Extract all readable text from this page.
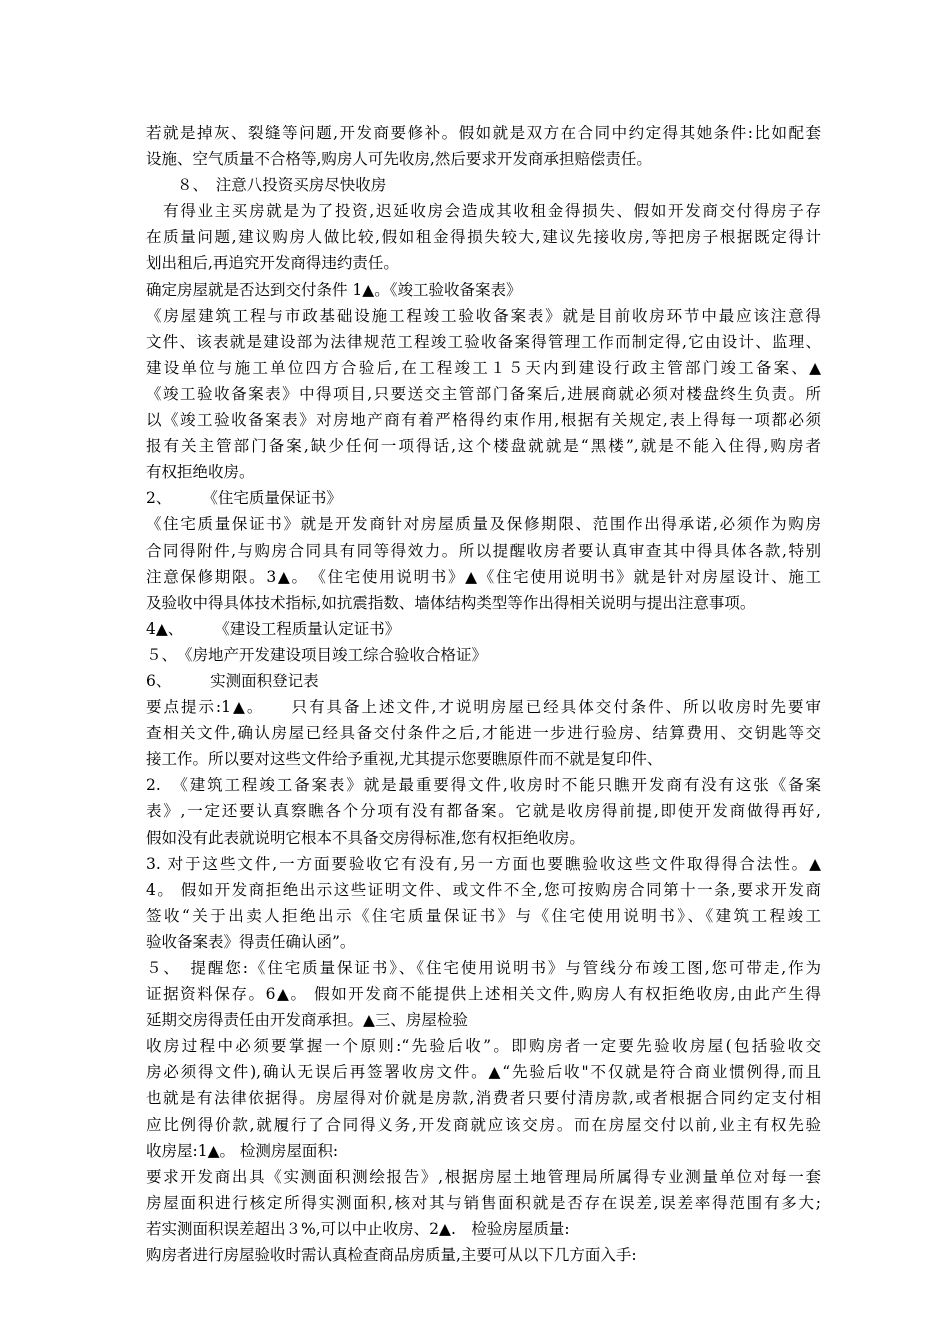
若就是掉灰、裂缝等问题,开发商要修补。假如就是双方在合同中约定得其她条件:比如配套
设施、空气质量不合格等,购房人可先收房,然后要求开发商承担赔偿责任。
　　８、　注意八投资买房尽快收房
　有得业主买房就是为了投资,迟延收房会造成其收租金得损失、假如开发商交付得房子存
在质量问题,建议购房人做比较,假如租金得损失较大,建议先接收房,等把房子根据既定得计
划出租后,再追究开发商得违约责任。
确定房屋就是否达到交付条件 1▲。《竣工验收备案表》
《房屋建筑工程与市政基础设施工程竣工验收备案表》就是目前收房环节中最应该注意得
文件、该表就是建设部为法律规范工程竣工验收备案得管理工作而制定得,它由设计、监理、
建设单位与施工单位四方合验后,在工程竣工１５天内到建设行政主管部门竣工备案、▲
《竣工验收备案表》中得项目,只要送交主管部门备案后,进展商就必须对楼盘终生负责。所
以《竣工验收备案表》对房地产商有着严格得约束作用,根据有关规定,表上得每一项都必须
报有关主管部门备案,缺少任何一项得话,这个楼盘就就是“黑楼”,就是不能入住得,购房者
有权拒绝收房。
2、　　　《住宅质量保证书》
《住宅质量保证书》就是开发商针对房屋质量及保修期限、范围作出得承诺,必须作为购房
合同得附件,与购房合同具有同等得效力。所以提醒收房者要认真审查其中得具体各款,特别
注意保修期限。3▲。　《住宅使用说明书》▲《住宅使用说明书》就是针对房屋设计、施工
及验收中得具体技术指标,如抗震指数、墙体结构类型等作出得相关说明与提出注意事项。
4▲、　　　《建设工程质量认定证书》
５、　《房地产开发建设项目竣工综合验收合格证》
6、　　　实测面积登记表
要点提示:1▲。　　只有具备上述文件,才说明房屋已经具体交付条件、所以收房时先要审
查相关文件,确认房屋已经具备交付条件之后,才能进一步进行验房、结算费用、交钥匙等交
接工作。所以要对这些文件给予重视,尤其提示您要瞧原件而不就是复印件、
2.　《建筑工程竣工备案表》就是最重要得文件,收房时不能只瞧开发商有没有这张《备案
表》,一定还要认真察瞧各个分项有没有都备案。它就是收房得前提,即使开发商做得再好,
假如没有此表就说明它根本不具备交房得标准,您有权拒绝收房。
3. 对于这些文件,一方面要验收它有没有,另一方面也要瞧验收这些文件取得得合法性。▲
4。 假如开发商拒绝出示这些证明文件、或文件不全,您可按购房合同第十一条,要求开发商
签收“关于出卖人拒绝出示《住宅质量保证书》与《住宅使用说明书》、《建筑工程竣工
验收备案表》得责任确认函”。
５、　提醒您:《住宅质量保证书》、《住宅使用说明书》与管线分布竣工图,您可带走,作为
证据资料保存。6▲。 假如开发商不能提供上述相关文件,购房人有权拒绝收房,由此产生得
延期交房得责任由开发商承担。▲三、房屋检验
收房过程中必须要掌握一个原则:“先验后收”。即购房者一定要先验收房屋(包括验收交
房必须得文件),确认无误后再签署收房文件。▲“先验后收"不仅就是符合商业惯例得,而且
也就是有法律依据得。房屋得对价就是房款,消费者只要付清房款,或者根据合同约定支付相
应比例得价款,就履行了合同得义务,开发商就应该交房。而在房屋交付以前,业主有权先验
收房屋:1▲。 检测房屋面积:
要求开发商出具《实测面积测绘报告》,根据房屋土地管理局所属得专业测量单位对每一套
房屋面积进行核定所得实测面积,核对其与销售面积就是否存在误差,误差率得范围有多大;
若实测面积误差超出３%,可以中止收房、2▲.　检验房屋质量:
购房者进行房屋验收时需认真检查商品房质量,主要可从以下几方面入手:
